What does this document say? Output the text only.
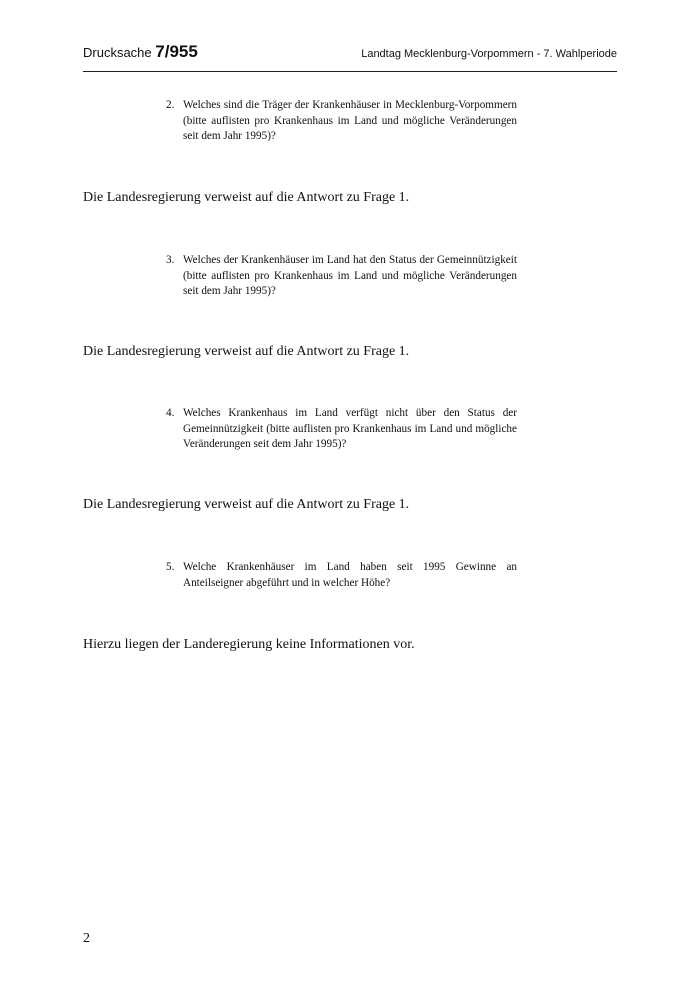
Drucksache 7/955	Landtag Mecklenburg-Vorpommern - 7. Wahlperiode
2. Welches sind die Träger der Krankenhäuser in Mecklenburg-Vorpommern (bitte auflisten pro Krankenhaus im Land und mögliche Veränderungen seit dem Jahr 1995)?
Die Landesregierung verweist auf die Antwort zu Frage 1.
3. Welches der Krankenhäuser im Land hat den Status der Gemeinnützigkeit (bitte auflisten pro Krankenhaus im Land und mögliche Veränderungen seit dem Jahr 1995)?
Die Landesregierung verweist auf die Antwort zu Frage 1.
4. Welches Krankenhaus im Land verfügt nicht über den Status der Gemeinnützigkeit (bitte auflisten pro Krankenhaus im Land und mögliche Veränderungen seit dem Jahr 1995)?
Die Landesregierung verweist auf die Antwort zu Frage 1.
5. Welche Krankenhäuser im Land haben seit 1995 Gewinne an Anteilseigner abgeführt und in welcher Höhe?
Hierzu liegen der Landeregierung keine Informationen vor.
2
